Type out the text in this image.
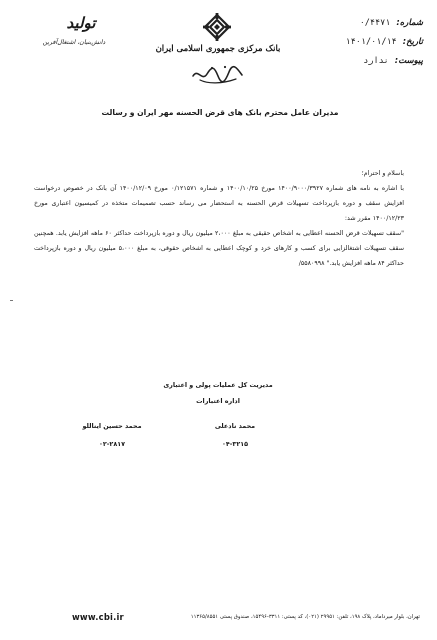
شماره:
۰/۴۴۷۱
تاریخ:
۱۴۰۱/۰۱/۱۴
پیوست:
ندارد
بانک مرکزی جمهوری اسلامی ایران
تولید
دانش‌بنیان، اشتغال‌آفرین
مدیران عامل محترم بانک های قرض الحسنه مهر ایران و رسالت

باسلام و احترام؛

با اشاره به نامه های شماره ۱۴۰۰/۹۰۰۰/۳۹۲۷ مورخ ۱۴۰۰/۱۰/۲۵ و شماره ۰/۱۲۱۵۷۱ مورخ ۱۴۰۰/۱۲/۰۹ آن بانک در خصوص درخواست افزایش سقف و دوره بازپرداخت تسهیلات قرض الحسنه به استحضار می رساند حسب تصمیمات متخذه در کمیسیون اعتباری مورخ ۱۴۰۰/۱۲/۲۳ مقرر شد:

"سقف تسهیلات قرض الحسنه اعطایی به اشخاص حقیقی به مبلغ ۲،۰۰۰ میلیون ریال و دوره بازپرداخت حداکثر ۶۰ ماهه افزایش یابد. همچنین سقف تسهیلات اشتغالزایی برای کسب و کارهای خرد و کوچک اعطایی به اشخاص حقوقی، به مبلغ ۵،۰۰۰ میلیون ریال و دوره بازپرداخت حداکثر ۸۴ ماهه افزایش یابد." ۵۵۸۰۹۹۸/

مدیریت کل عملیات پولی و اعتباری
اداره اعتبارات
محمد نادعلی
۰۴-۳۲۱۵
محمد حسین ایناللو
۰۲-۲۸۱۷
تهران، بلوار میرداماد، پلاک ۱۹۸، تلفن: ۲۹۹۵۱ (۰۲۱)، کد پستی: ۳۳۱۱-۱۵۴۹۶، صندوق پستی ۱۱۳۶۵/۸۵۵۱
www.cbi.ir
